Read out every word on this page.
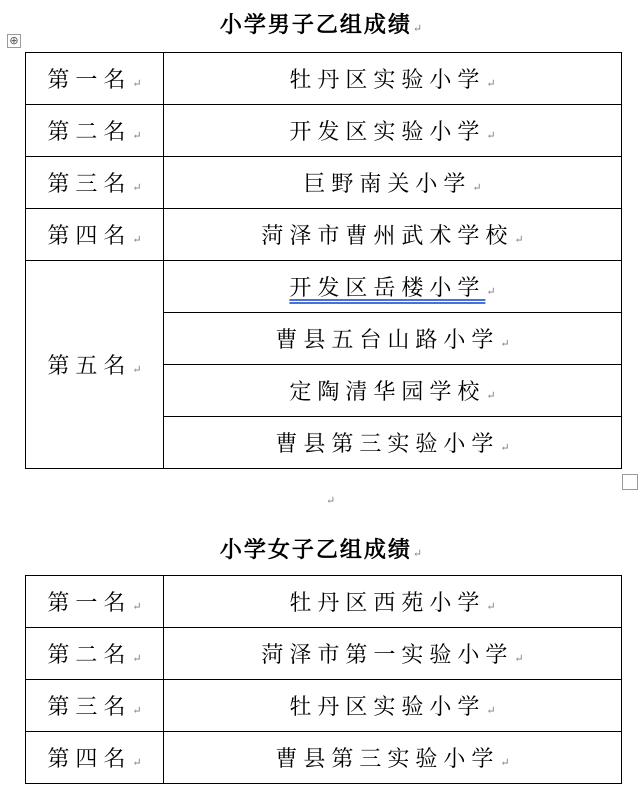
⊕
小学男子乙组成绩↵
第一名↵	牡丹区实验小学↵
第二名↵	开发区实验小学↵
第三名↵	巨野南关小学↵
第四名↵	菏泽市曹州武术学校↵
第五名↵	开发区岳楼小学↵
	曹县五台山路小学↵
	定陶清华园学校↵
	曹县第三实验小学↵
↵
小学女子乙组成绩↵
第一名↵	牡丹区西苑小学↵
第二名↵	菏泽市第一实验小学↵
第三名↵	牡丹区实验小学↵
第四名↵	曹县第三实验小学↵
